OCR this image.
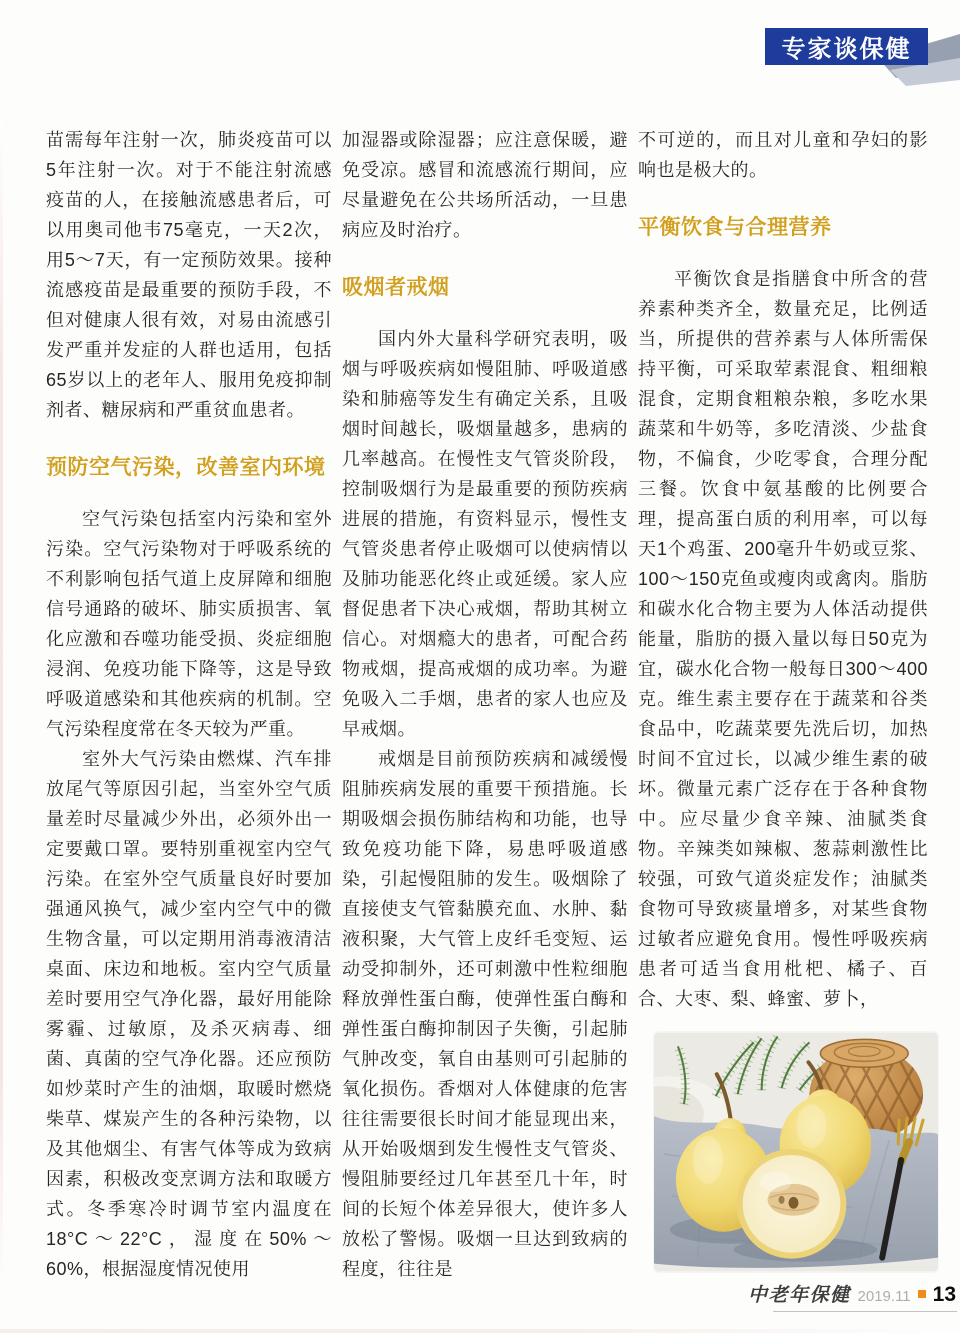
专家谈保健

苗需每年注射一次，肺炎疫苗可以5年注射一次。对于不能注射流感疫苗的人，在接触流感患者后，可以用奥司他韦75毫克，一天2次，用5～7天，有一定预防效果。接种流感疫苗是最重要的预防手段，不但对健康人很有效，对易由流感引发严重并发症的人群也适用，包括65岁以上的老年人、服用免疫抑制剂者、糖尿病和严重贫血患者。

预防空气污染，改善室内环境

空气污染包括室内污染和室外污染。空气污染物对于呼吸系统的不利影响包括气道上皮屏障和细胞信号通路的破坏、肺实质损害、氧化应激和吞噬功能受损、炎症细胞浸润、免疫功能下降等，这是导致呼吸道感染和其他疾病的机制。空气污染程度常在冬天较为严重。

室外大气污染由燃煤、汽车排放尾气等原因引起，当室外空气质量差时尽量减少外出，必须外出一定要戴口罩。要特别重视室内空气污染。在室外空气质量良好时要加强通风换气，减少室内空气中的微生物含量，可以定期用消毒液清洁桌面、床边和地板。室内空气质量差时要用空气净化器，最好用能除雾霾、过敏原，及杀灭病毒、细菌、真菌的空气净化器。还应预防如炒菜时产生的油烟，取暖时燃烧柴草、煤炭产生的各种污染物，以及其他烟尘、有害气体等成为致病因素，积极改变烹调方法和取暖方式。冬季寒冷时调节室内温度在18°C～22°C，湿度在50%～60%，根据湿度情况使用

加湿器或除湿器；应注意保暖，避免受凉。感冒和流感流行期间，应尽量避免在公共场所活动，一旦患病应及时治疗。

吸烟者戒烟

国内外大量科学研究表明，吸烟与呼吸疾病如慢阻肺、呼吸道感染和肺癌等发生有确定关系，且吸烟时间越长，吸烟量越多，患病的几率越高。在慢性支气管炎阶段，控制吸烟行为是最重要的预防疾病进展的措施，有资料显示，慢性支气管炎患者停止吸烟可以使病情以及肺功能恶化终止或延缓。家人应督促患者下决心戒烟，帮助其树立信心。对烟瘾大的患者，可配合药物戒烟，提高戒烟的成功率。为避免吸入二手烟，患者的家人也应及早戒烟。

戒烟是目前预防疾病和减缓慢阻肺疾病发展的重要干预措施。长期吸烟会损伤肺结构和功能，也导致免疫功能下降，易患呼吸道感染，引起慢阻肺的发生。吸烟除了直接使支气管黏膜充血、水肿、黏液积聚，大气管上皮纤毛变短、运动受抑制外，还可刺激中性粒细胞释放弹性蛋白酶，使弹性蛋白酶和弹性蛋白酶抑制因子失衡，引起肺气肿改变，氧自由基则可引起肺的氧化损伤。香烟对人体健康的危害往往需要很长时间才能显现出来，从开始吸烟到发生慢性支气管炎、慢阻肺要经过几年甚至几十年，时间的长短个体差异很大，使许多人放松了警惕。吸烟一旦达到致病的程度，往往是

不可逆的，而且对儿童和孕妇的影响也是极大的。

平衡饮食与合理营养

平衡饮食是指膳食中所含的营养素种类齐全，数量充足，比例适当，所提供的营养素与人体所需保持平衡，可采取荤素混食、粗细粮混食，定期食粗粮杂粮，多吃水果蔬菜和牛奶等，多吃清淡、少盐食物，不偏食，少吃零食，合理分配三餐。饮食中氨基酸的比例要合理，提高蛋白质的利用率，可以每天1个鸡蛋、200毫升牛奶或豆浆、100～150克鱼或瘦肉或禽肉。脂肪和碳水化合物主要为人体活动提供能量，脂肪的摄入量以每日50克为宜，碳水化合物一般每日300～400克。维生素主要存在于蔬菜和谷类食品中，吃蔬菜要先洗后切，加热时间不宜过长，以减少维生素的破坏。微量元素广泛存在于各种食物中。应尽量少食辛辣、油腻类食物。辛辣类如辣椒、葱蒜刺激性比较强，可致气道炎症发作；油腻类食物可导致痰量增多，对某些食物过敏者应避免食用。慢性呼吸疾病患者可适当食用枇杷、橘子、百合、大枣、梨、蜂蜜、萝卜，

中老年保健 2019.11 13
